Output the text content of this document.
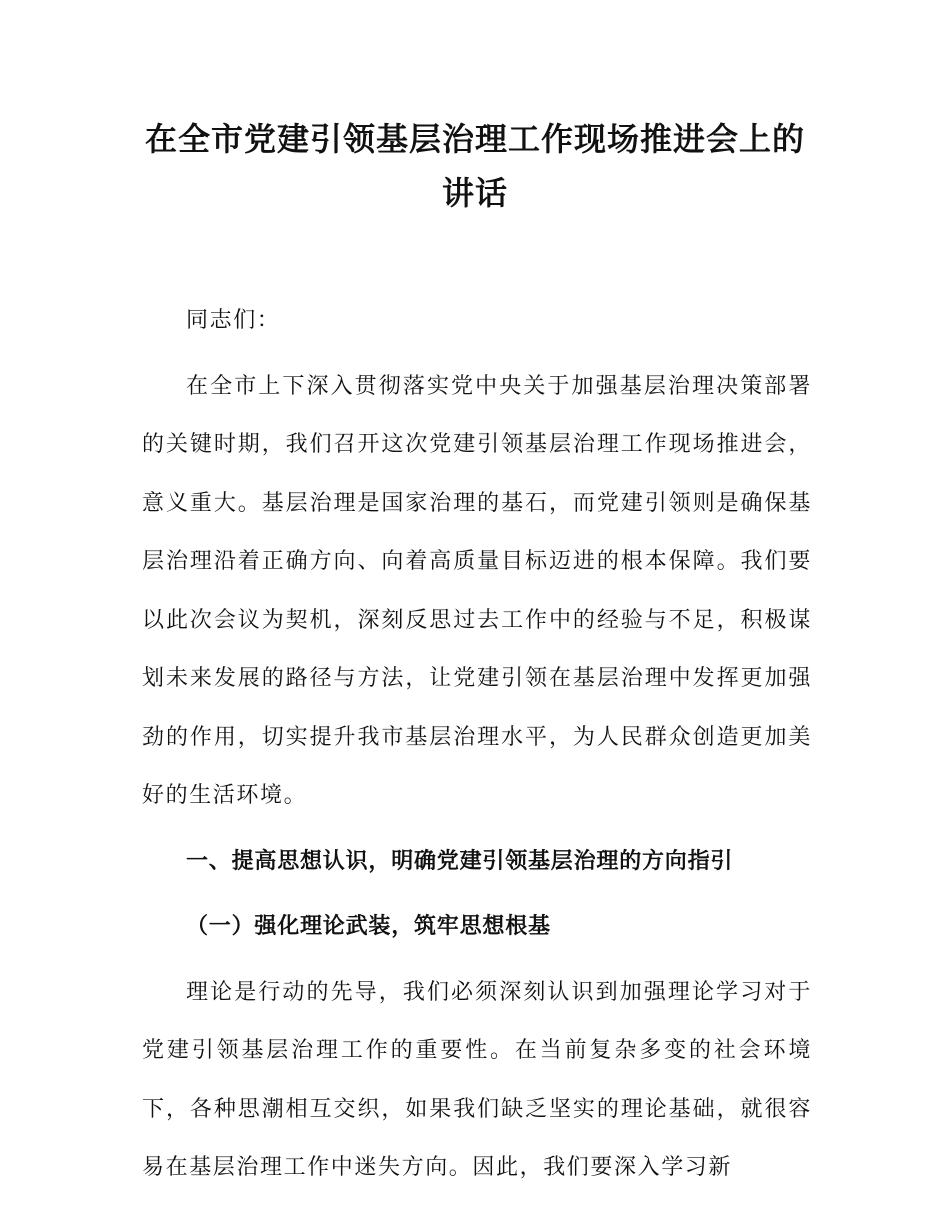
在全市党建引领基层治理工作现场推进会上的讲话

同志们：

在全市上下深入贯彻落实党中央关于加强基层治理决策部署的关键时期，我们召开这次党建引领基层治理工作现场推进会，意义重大。基层治理是国家治理的基石，而党建引领则是确保基层治理沿着正确方向、向着高质量目标迈进的根本保障。我们要以此次会议为契机，深刻反思过去工作中的经验与不足，积极谋划未来发展的路径与方法，让党建引领在基层治理中发挥更加强劲的作用，切实提升我市基层治理水平，为人民群众创造更加美好的生活环境。

一、提高思想认识，明确党建引领基层治理的方向指引

（一）强化理论武装，筑牢思想根基

理论是行动的先导，我们必须深刻认识到加强理论学习对于党建引领基层治理工作的重要性。在当前复杂多变的社会环境下，各种思潮相互交织，如果我们缺乏坚实的理论基础，就很容易在基层治理工作中迷失方向。因此，我们要深入学习新
